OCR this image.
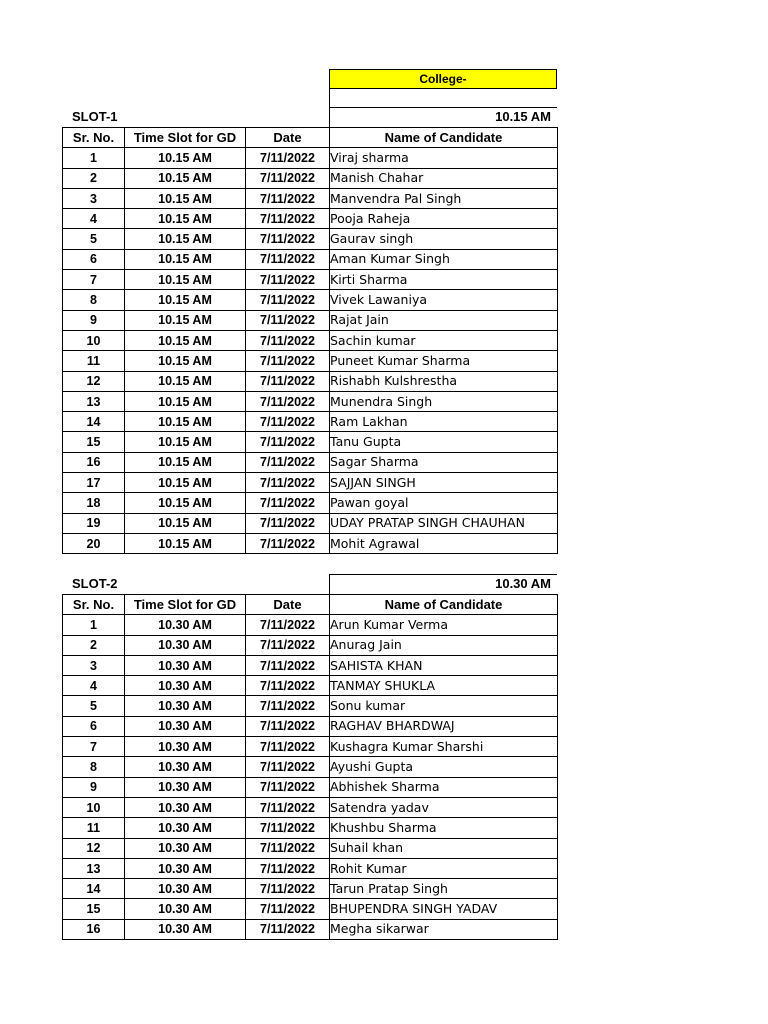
College-
SLOT-1	10.15 AM
Sr. No.	Time Slot for GD	Date	Name of Candidate
1	10.15 AM	7/11/2022	Viraj sharma
2	10.15 AM	7/11/2022	Manish Chahar
3	10.15 AM	7/11/2022	Manvendra Pal Singh
4	10.15 AM	7/11/2022	Pooja Raheja
5	10.15 AM	7/11/2022	Gaurav singh
6	10.15 AM	7/11/2022	Aman Kumar Singh
7	10.15 AM	7/11/2022	Kirti Sharma
8	10.15 AM	7/11/2022	Vivek Lawaniya
9	10.15 AM	7/11/2022	Rajat Jain
10	10.15 AM	7/11/2022	Sachin kumar
11	10.15 AM	7/11/2022	Puneet Kumar Sharma
12	10.15 AM	7/11/2022	Rishabh Kulshrestha
13	10.15 AM	7/11/2022	Munendra Singh
14	10.15 AM	7/11/2022	Ram Lakhan
15	10.15 AM	7/11/2022	Tanu Gupta
16	10.15 AM	7/11/2022	Sagar Sharma
17	10.15 AM	7/11/2022	SAJJAN SINGH
18	10.15 AM	7/11/2022	Pawan goyal
19	10.15 AM	7/11/2022	UDAY PRATAP SINGH CHAUHAN
20	10.15 AM	7/11/2022	Mohit Agrawal
SLOT-2	10.30 AM
Sr. No.	Time Slot for GD	Date	Name of Candidate
1	10.30 AM	7/11/2022	Arun Kumar Verma
2	10.30 AM	7/11/2022	Anurag Jain
3	10.30 AM	7/11/2022	SAHISTA KHAN
4	10.30 AM	7/11/2022	TANMAY SHUKLA
5	10.30 AM	7/11/2022	Sonu kumar
6	10.30 AM	7/11/2022	RAGHAV BHARDWAJ
7	10.30 AM	7/11/2022	Kushagra Kumar Sharshi
8	10.30 AM	7/11/2022	Ayushi Gupta
9	10.30 AM	7/11/2022	Abhishek Sharma
10	10.30 AM	7/11/2022	Satendra yadav
11	10.30 AM	7/11/2022	Khushbu Sharma
12	10.30 AM	7/11/2022	Suhail khan
13	10.30 AM	7/11/2022	Rohit Kumar
14	10.30 AM	7/11/2022	Tarun Pratap Singh
15	10.30 AM	7/11/2022	BHUPENDRA SINGH YADAV
16	10.30 AM	7/11/2022	Megha sikarwar
